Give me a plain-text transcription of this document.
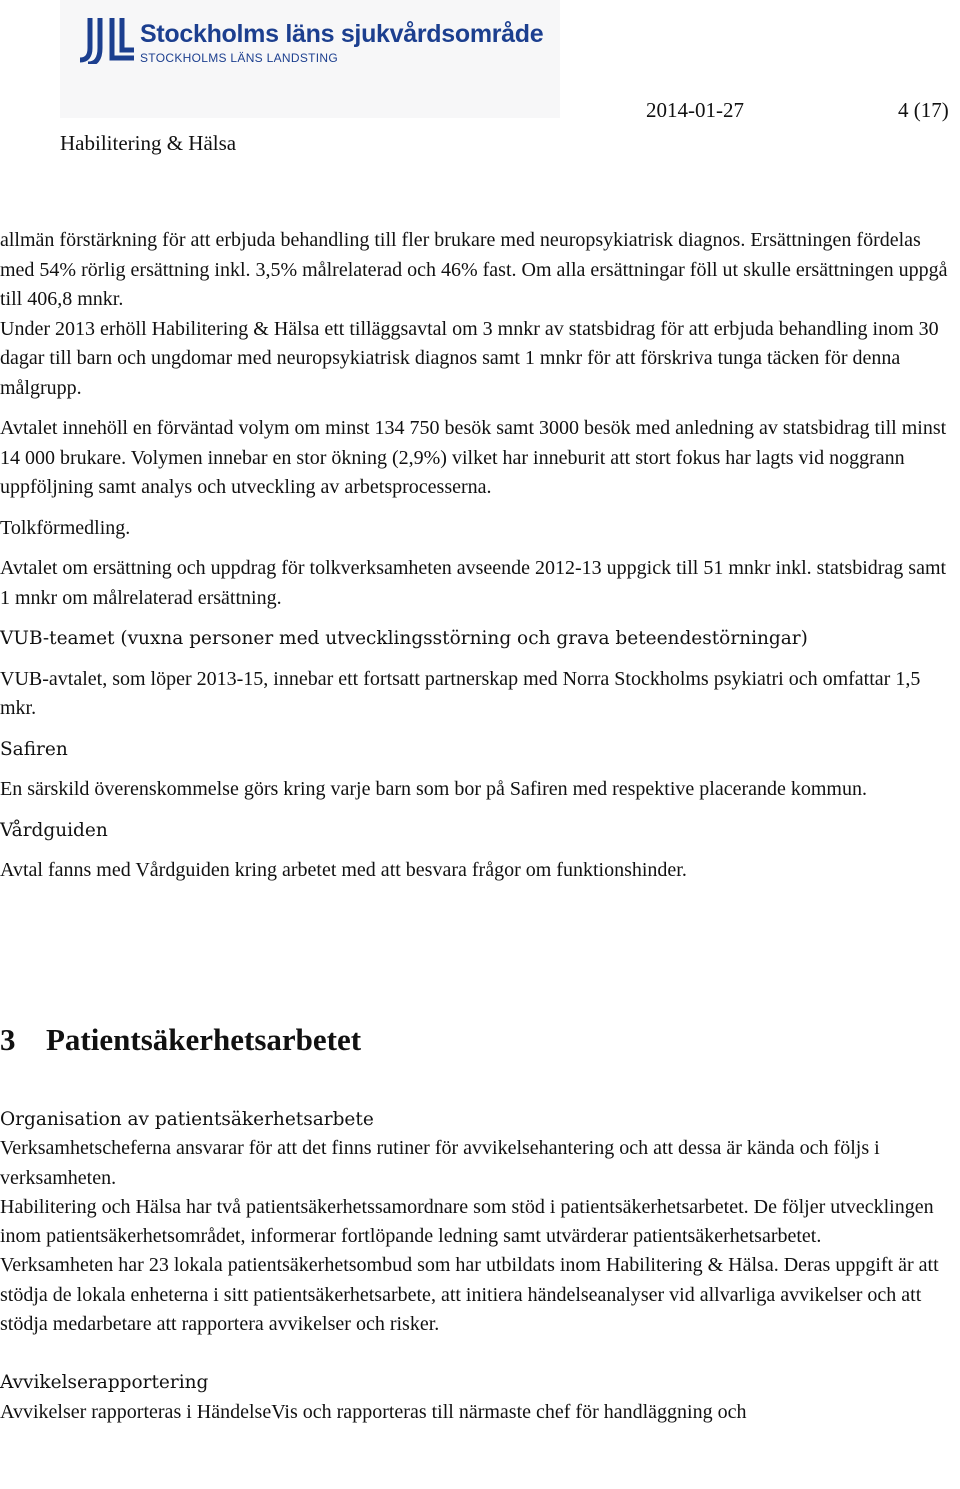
Stockholms läns sjukvårdsområde
STOCKHOLMS LÄNS LANDSTING
Habilitering & Hälsa
2014-01-27	4 (17)

allmän förstärkning för att erbjuda behandling till fler brukare med neuropsykiatrisk diagnos. Ersättningen fördelas med 54% rörlig ersättning inkl. 3,5% målrelaterad och 46% fast. Om alla ersättningar föll ut skulle ersättningen uppgå till 406,8 mnkr.

Under 2013 erhöll Habilitering & Hälsa ett tilläggsavtal om 3 mnkr av statsbidrag för att erbjuda behandling inom 30 dagar till barn och ungdomar med neuropsykiatrisk diagnos samt 1 mnkr för att förskriva tunga täcken för denna målgrupp.

Avtalet innehöll en förväntad volym om minst 134 750 besök samt 3000 besök med anledning av statsbidrag till minst 14 000 brukare. Volymen innebar en stor ökning (2,9%) vilket har inneburit att stort fokus har lagts vid noggrann uppföljning samt analys och utveckling av arbetsprocesserna.

Tolkförmedling.

Avtalet om ersättning och uppdrag för tolkverksamheten avseende 2012-13 uppgick till 51 mnkr inkl. statsbidrag samt 1 mnkr om målrelaterad ersättning.

VUB-teamet (vuxna personer med utvecklingsstörning och grava beteendestörningar)

VUB-avtalet, som löper 2013-15, innebar ett fortsatt partnerskap med Norra Stockholms psykiatri och omfattar 1,5 mkr.

Safiren

En särskild överenskommelse görs kring varje barn som bor på Safiren med respektive placerande kommun.

Vårdguiden

Avtal fanns med Vårdguiden kring arbetet med att besvara frågor om funktionshinder.

3 Patientsäkerhetsarbetet

Organisation av patientsäkerhetsarbete

Verksamhetscheferna ansvarar för att det finns rutiner för avvikelsehantering och att dessa är kända och följs i verksamheten.

Habilitering och Hälsa har två patientsäkerhetssamordnare som stöd i patientsäkerhetsarbetet. De följer utvecklingen inom patientsäkerhetsområdet, informerar fortlöpande ledning samt utvärderar patientsäkerhetsarbetet.

Verksamheten har 23 lokala patientsäkerhetsombud som har utbildats inom Habilitering & Hälsa. Deras uppgift är att stödja de lokala enheterna i sitt patientsäkerhetsarbete, att initiera händelseanalyser vid allvarliga avvikelser och att stödja medarbetare att rapportera avvikelser och risker.

Avvikelserapportering

Avvikelser rapporteras i HändelseVis och rapporteras till närmaste chef för handläggning och
